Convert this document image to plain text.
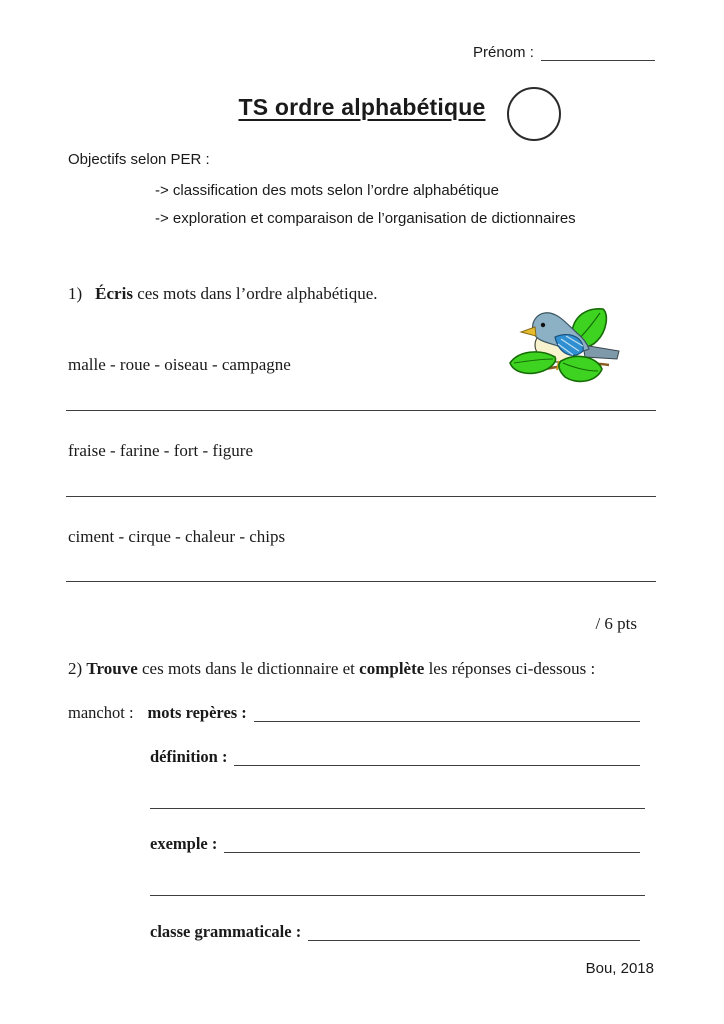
Prénom :
TS ordre alphabétique
Objectifs selon PER :
-> classification des mots selon l’ordre alphabétique
-> exploration et comparaison de l’organisation de dictionnaires
1) Écris ces mots dans l’ordre alphabétique.
malle - roue - oiseau - campagne
fraise - farine - fort - figure
ciment - cirque - chaleur - chips
/ 6 pts
2) Trouve ces mots dans le dictionnaire et complète les réponses ci-dessous :
manchot : mots repères :
définition :
exemple :
classe grammaticale :
Bou, 2018
